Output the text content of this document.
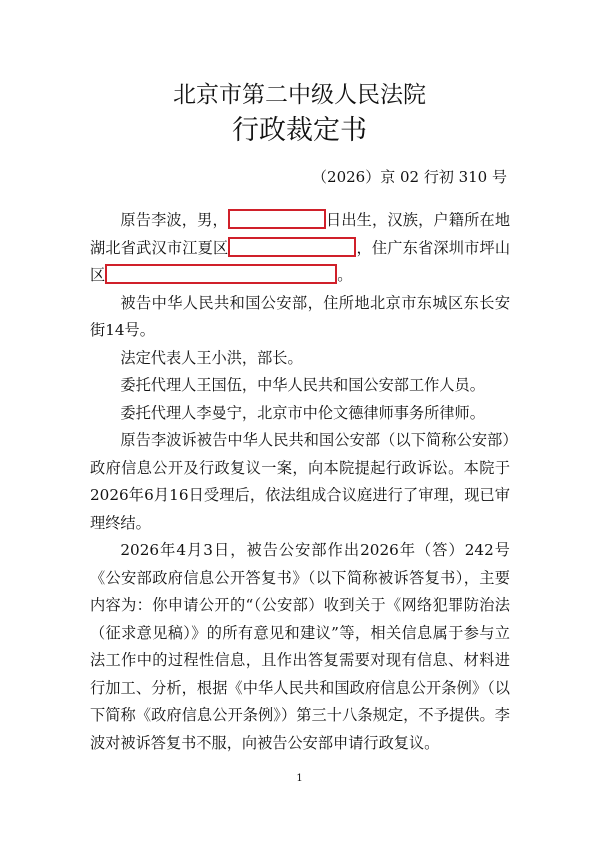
北京市第二中级人民法院
行政裁定书
（2026）京 02 行初 310 号

原告李波，男，	日出生，汉族，户籍所在地湖北省武汉市江夏区	，住广东省深圳市坪山区	。

被告中华人民共和国公安部，住所地北京市东城区东长安街14号。

法定代表人王小洪，部长。

委托代理人王国伍，中华人民共和国公安部工作人员。

委托代理人李曼宁，北京市中伦文德律师事务所律师。

原告李波诉被告中华人民共和国公安部（以下简称公安部）政府信息公开及行政复议一案，向本院提起行政诉讼。本院于2026年6月16日受理后，依法组成合议庭进行了审理，现已审理终结。

2026年4月3日，被告公安部作出2026年（答）242号《公安部政府信息公开答复书》（以下简称被诉答复书），主要内容为：你申请公开的“（公安部）收到关于《网络犯罪防治法（征求意见稿）》的所有意见和建议”等，相关信息属于参与立法工作中的过程性信息，且作出答复需要对现有信息、材料进行加工、分析，根据《中华人民共和国政府信息公开条例》（以下简称《政府信息公开条例》）第三十八条规定，不予提供。李波对被诉答复书不服，向被告公安部申请行政复议。

1
